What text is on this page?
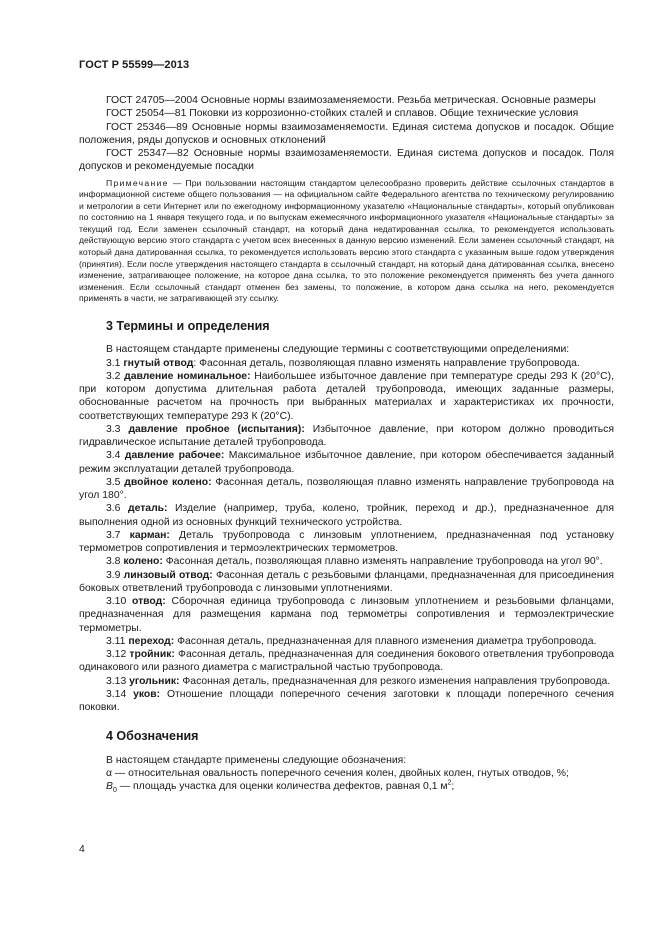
ГОСТ Р 55599—2013

ГОСТ 24705—2004 Основные нормы взаимозаменяемости. Резьба метрическая. Основные размеры

ГОСТ 25054—81 Поковки из коррозионно-стойких сталей и сплавов. Общие технические условия

ГОСТ 25346—89 Основные нормы взаимозаменяемости. Единая система допусков и посадок. Общие положения, ряды допусков и основных отклонений

ГОСТ 25347—82 Основные нормы взаимозаменяемости. Единая система допусков и посадок. Поля допусков и рекомендуемые посадки

Примечание — При пользовании настоящим стандартом целесообразно проверить действие ссылочных стандартов в информационной системе общего пользования — на официальном сайте Федерального агентства по техническому регулированию и метрологии в сети Интернет или по ежегодному информационному указателю «Национальные стандарты», который опубликован по состоянию на 1 января текущего года, и по выпускам ежемесячного информационного указателя «Национальные стандарты» за текущий год. Если заменен ссылочный стандарт, на который дана недатированная ссылка, то рекомендуется использовать действующую версию этого стандарта с учетом всех внесенных в данную версию изменений. Если заменен ссылочный стандарт, на который дана датированная ссылка, то рекомендуется использовать версию этого стандарта с указанным выше годом утверждения (принятия). Если после утверждения настоящего стандарта в ссылочный стандарт, на который дана датированная ссылка, внесено изменение, затрагивающее положение, на которое дана ссылка, то это положение рекомендуется применять без учета данного изменения. Если ссылочный стандарт отменен без замены, то положение, в котором дана ссылка на него, рекомендуется применять в части, не затрагивающей эту ссылку.

3 Термины и определения

В настоящем стандарте применены следующие термины с соответствующими определениями:

3.1 гнутый отвод: Фасонная деталь, позволяющая плавно изменять направление трубопровода.

3.2 давление номинальное: Наибольшее избыточное давление при температуре среды 293 К (20°С), при котором допустима длительная работа деталей трубопровода, имеющих заданные размеры, обоснованные расчетом на прочность при выбранных материалах и характеристиках их прочности, соответствующих температуре 293 К (20°С).

3.3 давление пробное (испытания): Избыточное давление, при котором должно проводиться гидравлическое испытание деталей трубопровода.

3.4 давление рабочее: Максимальное избыточное давление, при котором обеспечивается заданный режим эксплуатации деталей трубопровода.

3.5 двойное колено: Фасонная деталь, позволяющая плавно изменять направление трубопровода на угол 180°.

3.6 деталь: Изделие (например, труба, колено, тройник, переход и др.), предназначенное для выполнения одной из основных функций технического устройства.

3.7 карман: Деталь трубопровода с линзовым уплотнением, предназначенная под установку термометров сопротивления и термоэлектрических термометров.

3.8 колено: Фасонная деталь, позволяющая плавно изменять направление трубопровода на угол 90°.

3.9 линзовый отвод: Фасонная деталь с резьбовыми фланцами, предназначенная для присоединения боковых ответвлений трубопровода с линзовыми уплотнениями.

3.10 отвод: Сборочная единица трубопровода с линзовым уплотнением и резьбовыми фланцами, предназначенная для размещения кармана под термометры сопротивления и термоэлектрические термометры.

3.11 переход: Фасонная деталь, предназначенная для плавного изменения диаметра трубопровода.

3.12 тройник: Фасонная деталь, предназначенная для соединения бокового ответвления трубопровода одинакового или разного диаметра с магистральной частью трубопровода.

3.13 угольник: Фасонная деталь, предназначенная для резкого изменения направления трубопровода.

3.14 уков: Отношение площади поперечного сечения заготовки к площади поперечного сечения поковки.

4 Обозначения

В настоящем стандарте применены следующие обозначения:

α — относительная овальность поперечного сечения колен, двойных колен, гнутых отводов, %;

$B_0$ — площадь участка для оценки количества дефектов, равная 0,1 $м^2$;

4
